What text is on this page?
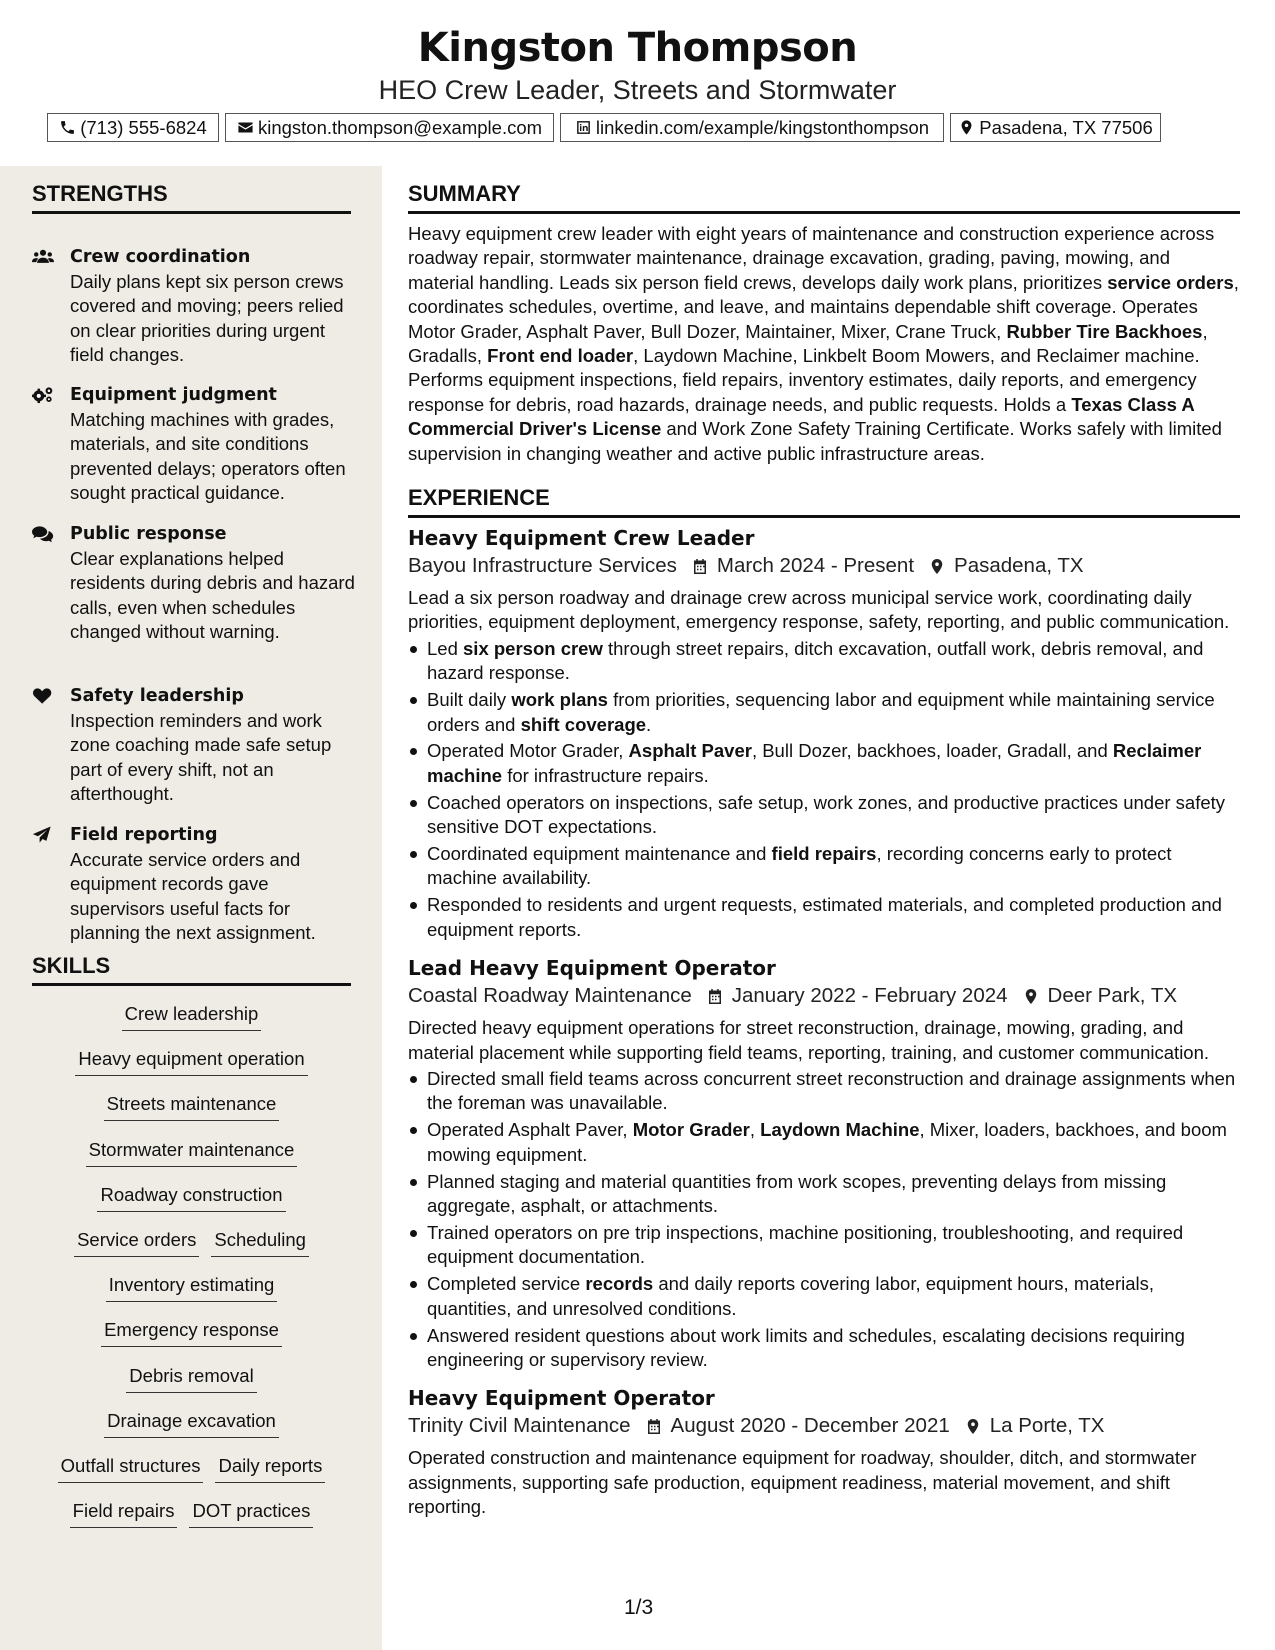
Kingston Thompson
HEO Crew Leader, Streets and Stormwater
(713) 555-6824	kingston.thompson@example.com	linkedin.com/example/kingstonthompson	Pasadena, TX 77506
STRENGTHS
Crew coordination
Daily plans kept six person crews covered and moving; peers relied on clear priorities during urgent field changes.
Equipment judgment
Matching machines with grades, materials, and site conditions prevented delays; operators often sought practical guidance.
Public response
Clear explanations helped residents during debris and hazard calls, even when schedules changed without warning.
Safety leadership
Inspection reminders and work zone coaching made safe setup part of every shift, not an afterthought.
Field reporting
Accurate service orders and equipment records gave supervisors useful facts for planning the next assignment.
SKILLS
Crew leadership
Heavy equipment operation
Streets maintenance
Stormwater maintenance
Roadway construction
Service orders Scheduling
Inventory estimating
Emergency response
Debris removal
Drainage excavation
Outfall structures Daily reports
Field repairs DOT practices
SUMMARY
Heavy equipment crew leader with eight years of maintenance and construction experience across roadway repair, stormwater maintenance, drainage excavation, grading, paving, mowing, and material handling. Leads six person field crews, develops daily work plans, prioritizes service orders, coordinates schedules, overtime, and leave, and maintains dependable shift coverage. Operates Motor Grader, Asphalt Paver, Bull Dozer, Maintainer, Mixer, Crane Truck, Rubber Tire Backhoes, Gradalls, Front end loader, Laydown Machine, Linkbelt Boom Mowers, and Reclaimer machine. Performs equipment inspections, field repairs, inventory estimates, daily reports, and emergency response for debris, road hazards, drainage needs, and public requests. Holds a Texas Class A Commercial Driver's License and Work Zone Safety Training Certificate. Works safely with limited supervision in changing weather and active public infrastructure areas.
EXPERIENCE
Heavy Equipment Crew Leader
Bayou Infrastructure Services March 2024 - Present Pasadena, TX
Lead a six person roadway and drainage crew across municipal service work, coordinating daily priorities, equipment deployment, emergency response, safety, reporting, and public communication.
Led six person crew through street repairs, ditch excavation, outfall work, debris removal, and hazard response.
Built daily work plans from priorities, sequencing labor and equipment while maintaining service orders and shift coverage.
Operated Motor Grader, Asphalt Paver, Bull Dozer, backhoes, loader, Gradall, and Reclaimer machine for infrastructure repairs.
Coached operators on inspections, safe setup, work zones, and productive practices under safety sensitive DOT expectations.
Coordinated equipment maintenance and field repairs, recording concerns early to protect machine availability.
Responded to residents and urgent requests, estimated materials, and completed production and equipment reports.
Lead Heavy Equipment Operator
Coastal Roadway Maintenance January 2022 - February 2024 Deer Park, TX
Directed heavy equipment operations for street reconstruction, drainage, mowing, grading, and material placement while supporting field teams, reporting, training, and customer communication.
Directed small field teams across concurrent street reconstruction and drainage assignments when the foreman was unavailable.
Operated Asphalt Paver, Motor Grader, Laydown Machine, Mixer, loaders, backhoes, and boom mowing equipment.
Planned staging and material quantities from work scopes, preventing delays from missing aggregate, asphalt, or attachments.
Trained operators on pre trip inspections, machine positioning, troubleshooting, and required equipment documentation.
Completed service records and daily reports covering labor, equipment hours, materials, quantities, and unresolved conditions.
Answered resident questions about work limits and schedules, escalating decisions requiring engineering or supervisory review.
Heavy Equipment Operator
Trinity Civil Maintenance August 2020 - December 2021 La Porte, TX
Operated construction and maintenance equipment for roadway, shoulder, ditch, and stormwater assignments, supporting safe production, equipment readiness, material movement, and shift reporting.
1/3
